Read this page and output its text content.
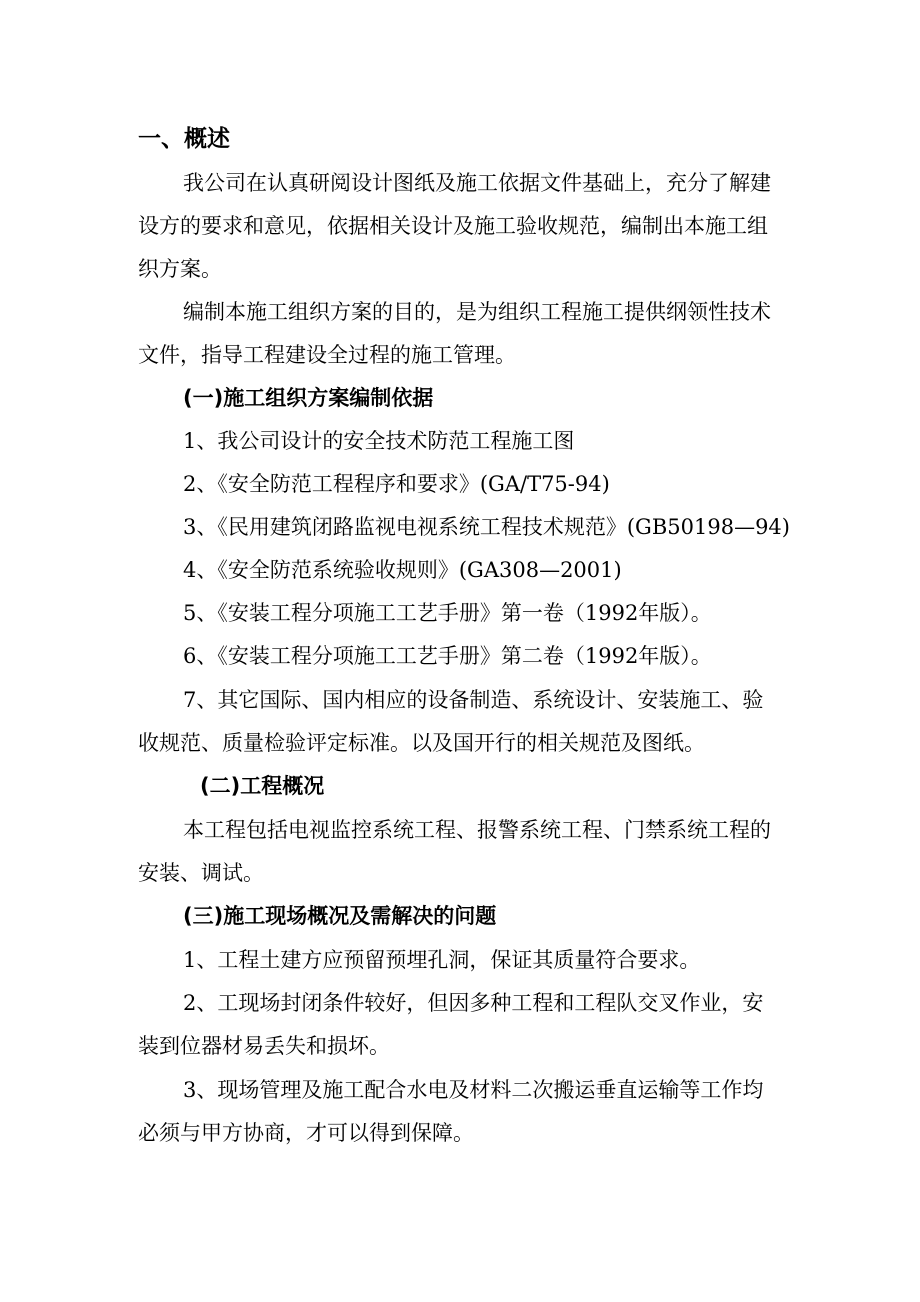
一、概述
我公司在认真研阅设计图纸及施工依据文件基础上，充分了解建
设方的要求和意见，依据相关设计及施工验收规范，编制出本施工组
织方案。
编制本施工组织方案的目的，是为组织工程施工提供纲领性技术
文件，指导工程建设全过程的施工管理。
(一)施工组织方案编制依据
1、我公司设计的安全技术防范工程施工图
2、《安全防范工程程序和要求》(GA/T75-94)
3、《民用建筑闭路监视电视系统工程技术规范》(GB50198—94)
4、《安全防范系统验收规则》(GA308—2001)
5、《安装工程分项施工工艺手册》第一卷（1992年版）。
6、《安装工程分项施工工艺手册》第二卷（1992年版）。
7、其它国际、国内相应的设备制造、系统设计、安装施工、验
收规范、质量检验评定标准。以及国开行的相关规范及图纸。
(二)工程概况
本工程包括电视监控系统工程、报警系统工程、门禁系统工程的
安装、调试。
(三)施工现场概况及需解决的问题
1、工程土建方应预留预埋孔洞，保证其质量符合要求。
2、工现场封闭条件较好，但因多种工程和工程队交叉作业，安
装到位器材易丢失和损坏。
3、现场管理及施工配合水电及材料二次搬运垂直运输等工作均
必须与甲方协商，才可以得到保障。
